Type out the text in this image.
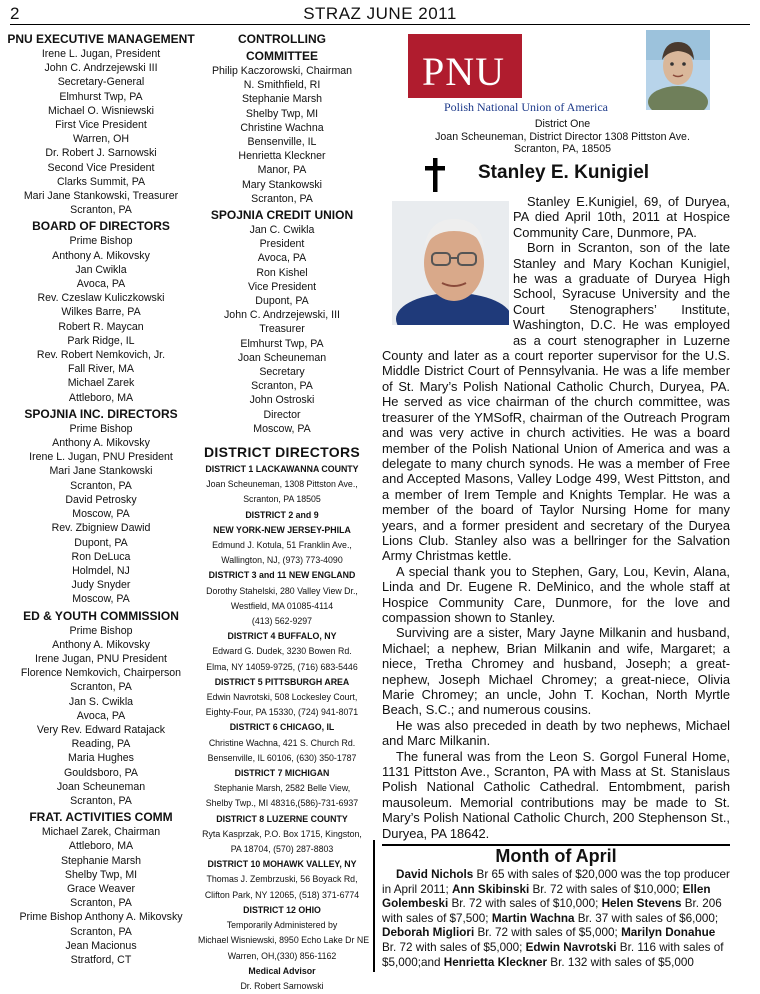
2	STRAZ JUNE 2011
PNU EXECUTIVE MANAGEMENT
Irene L. Jugan, President
John C. Andrzejewski III
Secretary-General
Elmhurst Twp, PA
Michael O. Wisniewski
First Vice President
Warren, OH
Dr. Robert J. Sarnowski
Second Vice President
Clarks Summit, PA
Mari Jane Stankowski, Treasurer
Scranton, PA
BOARD OF DIRECTORS
Prime Bishop
Anthony A. Mikovsky
Jan Cwikla
Avoca, PA
Rev. Czeslaw Kuliczkowski
Wilkes Barre, PA
Robert R. Maycan
Park Ridge, IL
Rev. Robert Nemkovich, Jr.
Fall River, MA
Michael Zarek
Attleboro, MA
SPOJNIA INC. DIRECTORS
Prime Bishop
Anthony A. Mikovsky
Irene L. Jugan, PNU President
Mari Jane Stankowski
Scranton, PA
David Petrosky
Moscow, PA
Rev. Zbigniew Dawid
Dupont, PA
Ron DeLuca
Holmdel, NJ
Judy Snyder
Moscow, PA
ED & YOUTH COMMISSION
Prime Bishop
Anthony A. Mikovsky
Irene Jugan, PNU President
Florence Nemkovich, Chairperson
Scranton, PA
Jan S. Cwikla
Avoca, PA
Very Rev. Edward Ratajack
Reading, PA
Maria Hughes
Gouldsboro, PA
Joan Scheuneman
Scranton, PA
FRAT. ACTIVITIES COMM
Michael Zarek, Chairman
Attleboro, MA
Stephanie Marsh
Shelby Twp, MI
Grace Weaver
Scranton, PA
Prime Bishop Anthony A. Mikovsky
Scranton, PA
Jean Macionus
Stratford, CT
CONTROLLING
COMMITTEE
Philip Kaczorowski, Chairman
N. Smithfield, RI
Stephanie Marsh
Shelby Twp, MI
Christine Wachna
Bensenville, IL
Henrietta Kleckner
Manor, PA
Mary Stankowski
Scranton, PA
SPOJNIA CREDIT UNION
Jan C. Cwikla
President
Avoca, PA
Ron Kishel
Vice President
Dupont, PA
John C. Andrzejewski, III
Treasurer
Elmhurst Twp, PA
Joan Scheuneman
Secretary
Scranton, PA
John Ostroski
Director
Moscow, PA
DISTRICT DIRECTORS
DISTRICT 1 LACKAWANNA COUNTY
Joan Scheuneman, 1308 Pittston Ave.,
Scranton, PA 18505
DISTRICT 2 and 9
NEW YORK-NEW JERSEY-PHILA
Edmund J. Kotula, 51 Franklin Ave.,
Wallington, NJ, (973) 773-4090
DISTRICT 3 and 11 NEW ENGLAND
Dorothy Stahelski, 280 Valley View Dr.,
Westfield, MA 01085-4114
(413) 562-9297
DISTRICT 4 BUFFALO, NY
Edward G. Dudek, 3230 Bowen Rd.
Elma, NY 14059-9725, (716) 683-5446
DISTRICT 5 PITTSBURGH AREA
Edwin Navrotski, 508 Lockesley Court,
Eighty-Four, PA 15330, (724) 941-8071
DISTRICT 6 CHICAGO, IL
Christine Wachna, 421 S. Church Rd.
Bensenville, IL 60106, (630) 350-1787
DISTRICT 7 MICHIGAN
Stephanie Marsh, 2582 Belle View,
Shelby Twp., MI 48316,(586)-731-6937
DISTRICT 8 LUZERNE COUNTY
Ryta Kasprzak, P.O. Box 1715, Kingston,
PA 18704, (570) 287-8803
DISTRICT 10 MOHAWK VALLEY, NY
Thomas J. Zembrzuski, 56 Boyack Rd,
Clifton Park, NY 12065, (518) 371-6774
DISTRICT 12 OHIO
Temporarily Administered by
Michael Wisniewski, 8950 Echo Lake Dr NE
Warren, OH,(330) 856-1162
Medical Advisor
Dr. Robert Sarnowski
PNU
Polish National Union of America
District One
Joan Scheuneman, District Director 1308 Pittston Ave.
Scranton, PA, 18505
Stanley E. Kunigiel

Stanley E.Kunigiel, 69, of Duryea, PA died April 10th, 2011 at Hospice Community Care, Dunmore, PA.

Born in Scranton, son of the late Stanley and Mary Kochan Kunigiel, he was a graduate of Duryea High School, Syracuse University and the Court Stenographers’ Institute, Washington, D.C. He was employed as a court stenographer in Luzerne County and later as a court reporter supervisor for the U.S. Middle District Court of Pennsylvania. He was a life member of St. Mary’s Polish National Catholic Church, Duryea, PA. He served as vice chairman of the church committee, was treasurer of the YMSofR, chairman of the Outreach Program and was very active in church activities. He was a board member of the Polish National Union of America and was a delegate to many church synods. He was a member of Free and Accepted Masons, Valley Lodge 499, West Pittston, and a member of Irem Temple and Knights Templar. He was a member of the board of Taylor Nursing Home for many years, and a former president and secretary of the Duryea Lions Club. Stanley also was a bellringer for the Salvation Army Christmas kettle.

A special thank you to Stephen, Gary, Lou, Kevin, Alana, Linda and Dr. Eugene R. DeMinico, and the whole staff at Hospice Community Care, Dunmore, for the love and compassion shown to Stanley.

Surviving are a sister, Mary Jayne Milkanin and husband, Michael; a nephew, Brian Milkanin and wife, Margaret; a niece, Tretha Chromey and husband, Joseph; a great-nephew, Joseph Michael Chromey; a great-niece, Olivia Marie Chromey; an uncle, John T. Kochan, North Myrtle Beach, S.C.; and numerous cousins.

He was also preceded in death by two nephews, Michael and Marc Milkanin.

The funeral was from the Leon S. Gorgol Funeral Home, 1131 Pittston Ave., Scranton, PA with Mass at St. Stanislaus Polish National Catholic Cathedral. Entombment, parish mausoleum. Memorial contributions may be made to St. Mary’s Polish National Catholic Church, 200 Stephenson St., Duryea, PA 18642.

Month of April
David Nichols Br 65 with sales of $20,000 was the top producer in April 2011; Ann Skibinski Br. 72 with sales of $10,000; Ellen Golembeski Br. 72 with sales of $10,000; Helen Stevens Br. 206 with sales of $7,500; Martin Wachna Br. 37 with sales of $6,000; Deborah Migliori Br. 72 with sales of $5,000; Marilyn Donahue Br. 72 with sales of $5,000; Edwin Navrotski Br. 116 with sales of $5,000;and Henrietta Kleckner Br. 132 with sales of $5,000
